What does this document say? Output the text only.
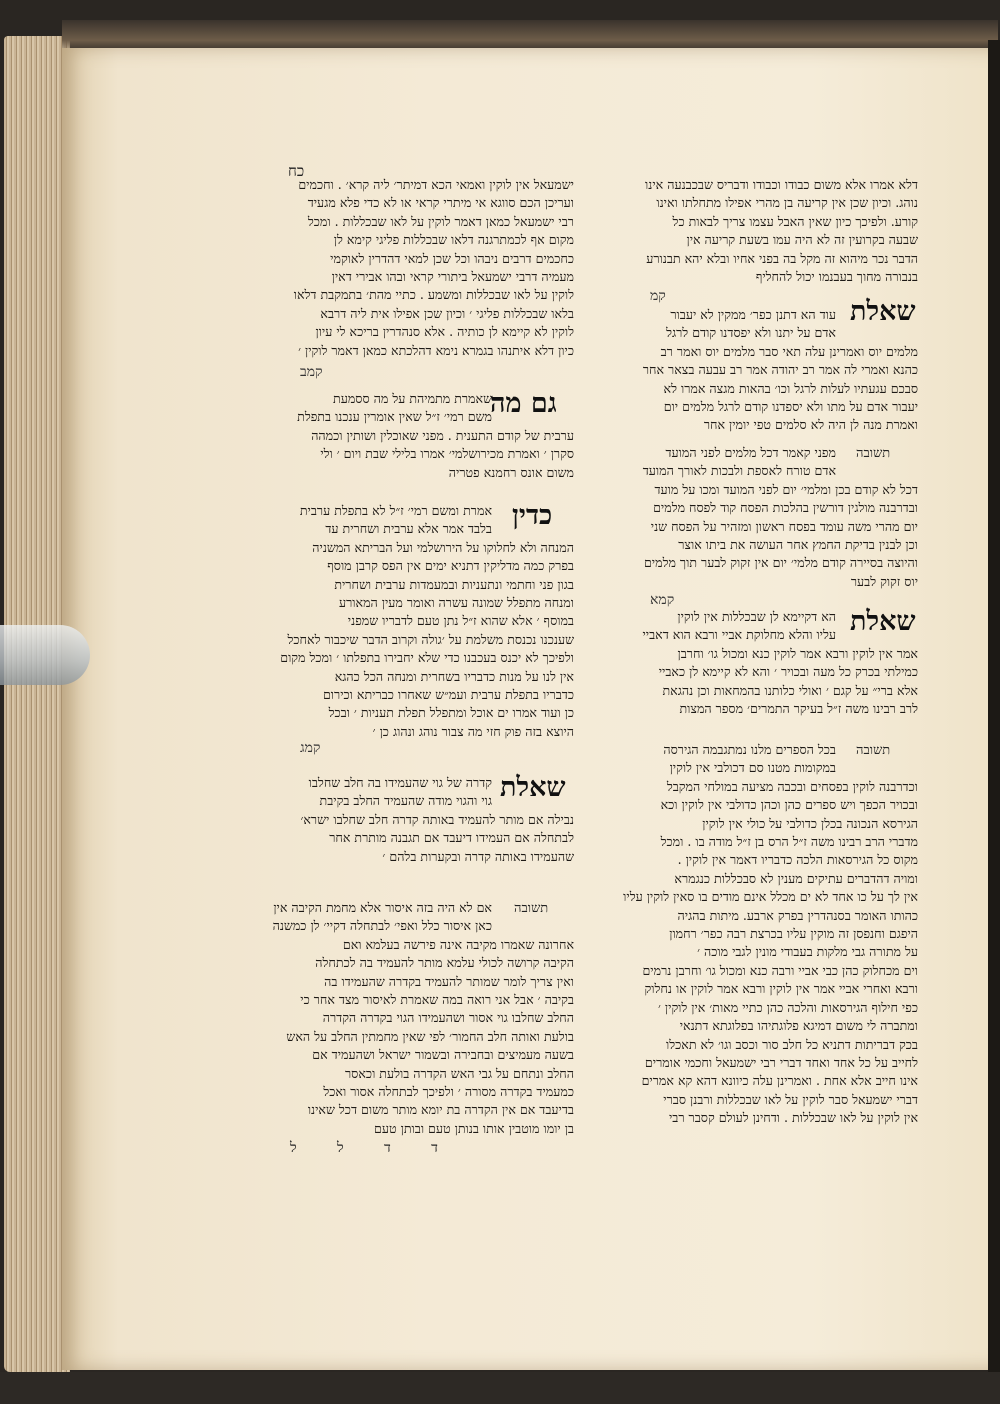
כח
דלא אמרו אלא משום כבודו וכבודו ודבריס שבכבנעה אינו
נוהג. וכיון שכן אין קריעה בן מהרי אפילו מתחלתו ואינו
קורע. ולפיכך כיון שאין האבל עצמו צריך לבאות כל
שבעה בקרועין זה לא היה עמו בשעת קריעה אין
הדבר נכר מיהוא זה מקל בה בפני אחיו ובלא יהא תבנורע
בנבורה מחוך בעבנמו יכול להחליף
קמ	שאלת
עוד הא דתנן כפר׳ ממקין לא יעבור
אדם על יתנו ולא יפסדנו קודם לרגל
מלמים יוס ואמרינן עלה תאי סבר מלמים יוס ואמר רב
כהנא ואמרי לה אמר רב יהודה אמר רב עבעה בצאר אחר
סבכם עגעתיו לעלות לרגל וכו׳ בהאות מגצה אמרו לא
יעבור אדם על מתו ולא יספדנו קודם לרגל מלמים יום
ואמרת מנה לן היה לא סלמים טפי יומין אחר
תשובה
מפני קאמר דכל מלמים לפני המועד
אדם טורח לאספת ולבכות לאורך המועד
דכל לא קודם בכן ומלמי׳ יום לפני המועד ומכו על מועד
ובדרבנה מולגין דורשין בהלכות הפסח קוד לפסח מלמים
יום מהרי משה עומד בפסח ראשון ומזהיר על הפסח שני
וכן לבנין בדיקת החמץ אחר העושה את ביתו אוצר
והיוצה בסיירה קודם מלמי׳ יום אין זקוק לבער תוך מלמים
יוס זקוק לבער
קמא
שאלת
הא דקיימא לן שבכללות אין לוקין
עליו והלא מחלוקת אביי ורבא הוא דאביי
אמר אין לוקין ורבא אמר לוקין כנא ומכול גו׳ וחרבן
כמילתי בכרק כל מעה ובכויר ׳ והא לא קיימא לן כאביי
אלא ברי״ על קגם ׳ ואולי כלותנו בהמחאות וכן נהגאת
לרב רבינו משה ז״ל בעיקר התמרים׳ מספר המצות
תשובה
בכל הספרים מלנו נמתגבמה הגירסה
במקומות מטנו סם דכולבי אין לוקין
וכדרבנה לוקין בפסחים ובכבה מציעה במולחי המקבל
ובכויר הכפך ויש ספרים כהן וכהן כדולבי אין לוקין וכא
הגירסא הנכונה בכלן כדולבי על כולי אין לוקין
מדברי הרב רבינו משה ז״ל הרס בן ז״ל מודה בו . ומכל
מקוס כל הגירסאות הלכה כדבריו דאמר אין לוקין .
ומויה דהדברים עתיקים מענין לא סבכללות כנגמרא
אין לך על כו אחד לא ים מכלל אינם מודים בו סאין לוקין עליו
כהותו האומר בסנהדרין בפרק ארבע. מיתות בהגיה
היפגם וחנפסן זה מוקין עליו בכרצת רבה כפר׳ רחמון
על מתורה גבי מלקות בעבודי מונין לגבי מוכה ׳
וים מכחלוק כהן כבי אביי ורבה כנא ומכול גו׳ וחרבן נרמים
ורבא ואחרי אביי אמר אין לוקין ורבא אמר לוקין או נחלוק
כפי חילוף הגירסאות והלכה כהן כתיי מאות׳ אין לוקין ׳
ומתברה לי משום דמיגא פלוגתיהו בפלוגתא דתנאי
בכק דבריתות דתניא כל חלב סור וכסב וגו׳ לא תאכלו
לחייב על כל אחד ואחד דברי רבי ישמעאל וחכמי אומרים
אינו חייב אלא אחת . ואמרינן עלה כיוונא דהא קא אמרים
דברי ישמעאל סבר לוקין על לאו שבכללות ורבנן סברי
אין לוקין על לאו שבכללות . ודחינן לעולם קסבר רבי
ישמעאל אין לוקין ואמאי הכא דמיתר׳ ליה קרא׳ . וחכמים
ועריכן הכם סווגא אי מיתרי קראי או לא כדי פלא מגעיד
רבי ישמעאל כמאן דאמר לוקין על לאו שבכללות . ומכל
מקום אף לכמתרגנה דלאו שבכללות פליגי קימא לן
כחכמים דרבים ניבהו וכל שכן למאי דהדרין לאוקמי
מעמיה דרבי ישמעאל ביתורי קראי ובהו אבירי דאין
לוקין על לאו שבכללות ומשמע . כתיי מהת׳ בתמקבת דלאו
בלאו שבכללות פליגי ׳ וכיון שכן אפילו אית ליה דרבא
לוקין לא קיימא לן כותיה . אלא סנהדרין בריכא לי עיון
כיון דלא איתנהו בגמרא נימא דהלכתא כמאן דאמר לוקין ׳
קמב
גם מה
שאמרת מתמיהת על מה ססמעת
משם רמי׳ ז״ל שאין אומרין ענכנו בתפלת
ערבית של קודם התענית . מפני שאוכלין ושותין וכמהה
סקרן ׳ ואמרת מכירושלמי׳ אמרו בלילי שבת ויום ׳ ולי
משום אונס רחמנא פטריה
כדין
אמרת ומשם רמי׳ ז״ל לא בתפלת ערבית
בלבד אמר אלא ערבית ושחרית עד
המנחה ולא לחלוקו על הירושלמי ועל הבריתא המשניה
בפרק כמה מדליקין דתניא ימים אין הפס קרבן מוסף
בגון פני וחתמי ונתעניות ובמעמדות ערבית ושחרית
ומנחה מתפלל שמונה עשרה ואומר מעין המאורע
במוסף ׳ אלא שהוא ז״ל נתן טעם לדבריו שמפני
שענכנו נכנסת משלמת על ׳גולה וקרוב הדבר שיכבור לאחכל
ולפיכך לא יכנס בעכבנו כדי שלא יחבירו בתפלתו ׳ ומכל מקום
אין לנו על מנות כדבריו בשחרית ומנחה הכל כהגא
כדבריו בתפלת ערבית ועמ״ש שאחרו כבריתא וכירום
כן ועוד אמרו ים אוכל ומתפלל תפלת תעניות ׳ ובכל
היוצא בזה פוק חזי מה צבור נוהג ונהוג כן ׳
קמג
שאלת
קדרה של גוי שהעמידו בה חלב שחלבו
גוי והגוי מודה שהעמיד החלב בקיבת
נבילה אם מותר להעמיד באותה קדרה חלב שחלבו ישרא׳
לבתחלה אם העמידו דיעבד אם תגבנה מותרת אחר
שהעמידו באותה קדרה ובקערות בלהם ׳
תשובה
אם לא היה בזה איסור אלא מחמת הקיבה אין
כאן איסור כלל ואפי׳ לבתחלה דקיי׳ לן כמשנה
אחרונה שאמרו מקיבה אינה פירשה בעלמא ואם
הקיבה קרושה לכולי עלמא מותר להעמיד בה לכתחלה
ואין צריך לומר שמותר להעמיד בקדרה שהעמידו בה
בקיבה ׳ אבל אני רואה במה שאמרת לאיסור מצד אחר כי
החלב שחלבו גוי אסור ושהעמידו הגוי בקדרה הקדרה
בולעת ואותה חלב החמור׳ לפי שאין מחמתין החלב על האש
בשעה מעמיצים ובחבירה ובשמור ישראל ושהעמיד אם
החלב ונתחם על גבי האש הקדרה בולעת וכאסר
כמעמיד בקדרה מסורה ׳ ולפיכך לבתחלה אסור ואכל
בדיעבד אם אין הקדרה בת יומא מותר משום דכל שאינו
בן יומו מוטבין אותו בנותן טעם ובותן טעם
ד ד ל ל
